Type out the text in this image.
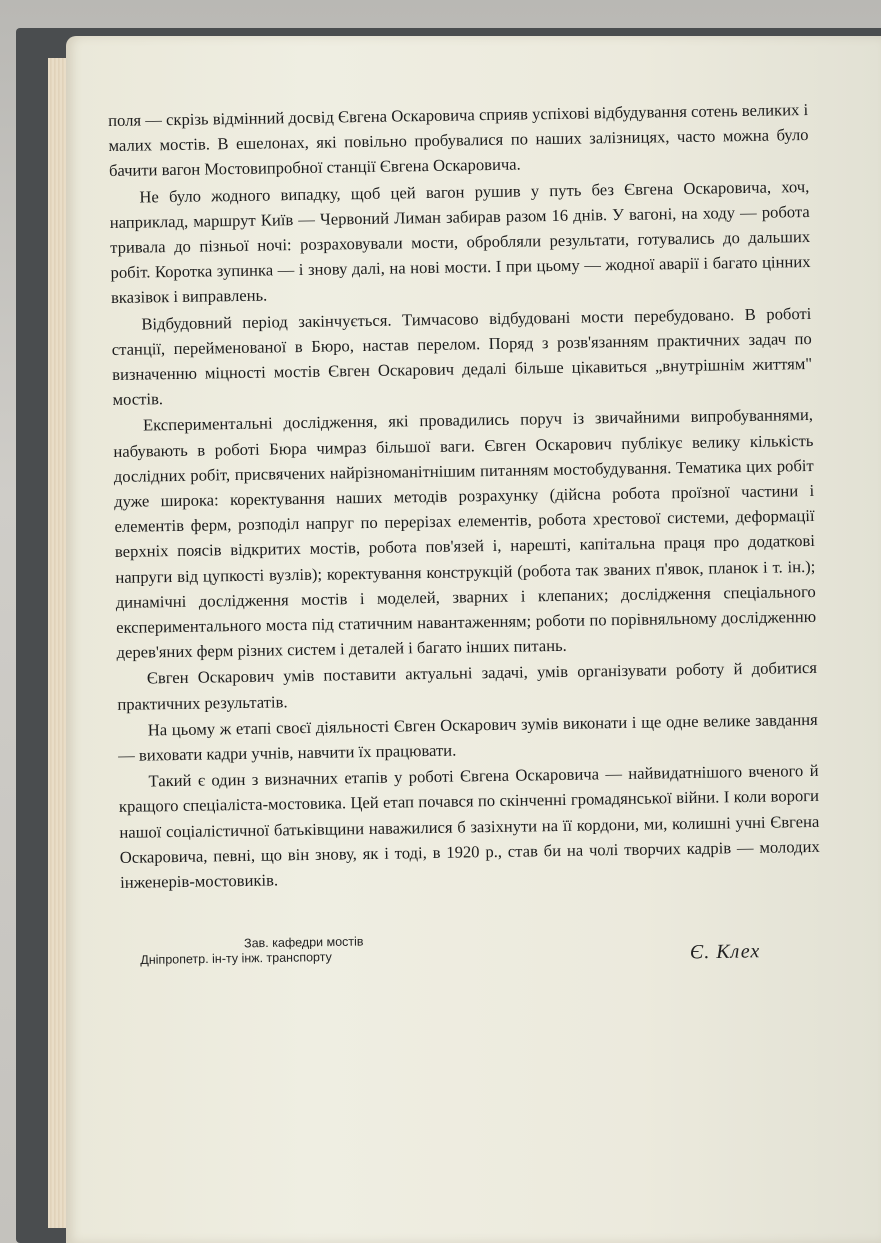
поля — скрізь відмінний досвід Євгена Оскаровича сприяв успіхові відбудування сотень великих і малих мостів. В ешелонах, які повільно пробувалися по наших залізницях, часто можна було бачити вагон Мостовипробної станції Євгена Оскаровича.

Не було жодного випадку, щоб цей вагон рушив у путь без Євгена Оскаровича, хоч, наприклад, маршрут Київ — Червоний Лиман забирав разом 16 днів. У вагоні, на ходу — робота тривала до пізньої ночі: розраховували мости, обробляли результати, готувались до дальших робіт. Коротка зупинка — і знову далі, на нові мости. І при цьому — жодної аварії і багато цінних вказівок і виправлень.

Відбудовний період закінчується. Тимчасово відбудовані мости перебудовано. В роботі станції, перейменованої в Бюро, настав перелом. Поряд з розв'язанням практичних задач по визначенню міцності мостів Євген Оскарович дедалі більше цікавиться „внутрішнім життям" мостів.

Експериментальні дослідження, які провадились поруч із звичайними випробуваннями, набувають в роботі Бюра чимраз більшої ваги. Євген Оскарович публікує велику кількість дослідних робіт, присвячених найрізноманітнішим питанням мостобудування. Тематика цих робіт дуже широка: коректування наших методів розрахунку (дійсна робота проїзної частини і елементів ферм, розподіл напруг по перерізах елементів, робота хрестової системи, деформації верхніх поясів відкритих мостів, робота пов'язей і, нарешті, капітальна праця про додаткові напруги від цупкості вузлів); коректування конструкцій (робота так званих п'явок, планок і т. ін.); динамічні дослідження мостів і моделей, зварних і клепаних; дослідження спеціального експериментального моста під статичним навантаженням; роботи по порівняльному дослідженню дерев'яних ферм різних систем і деталей і багато інших питань.

Євген Оскарович умів поставити актуальні задачі, умів організувати роботу й добитися практичних результатів.

На цьому ж етапі своєї діяльності Євген Оскарович зумів виконати і ще одне велике завдання — виховати кадри учнів, навчити їх працювати.

Такий є один з визначних етапів у роботі Євгена Оскаровича — найвидатнішого вченого й кращого спеціаліста-мостовика. Цей етап почався по скінченні громадянської війни. І коли вороги нашої соціалістичної батьківщини наважилися б зазіхнути на її кордони, ми, колишні учні Євгена Оскаровича, певні, що він знову, як і тоді, в 1920 р., став би на чолі творчих кадрів — молодих інженерів-мостовиків.

Зав. кафедри мостів
Дніпропетр. ін-ту інж. транспорту	Є. Клех
